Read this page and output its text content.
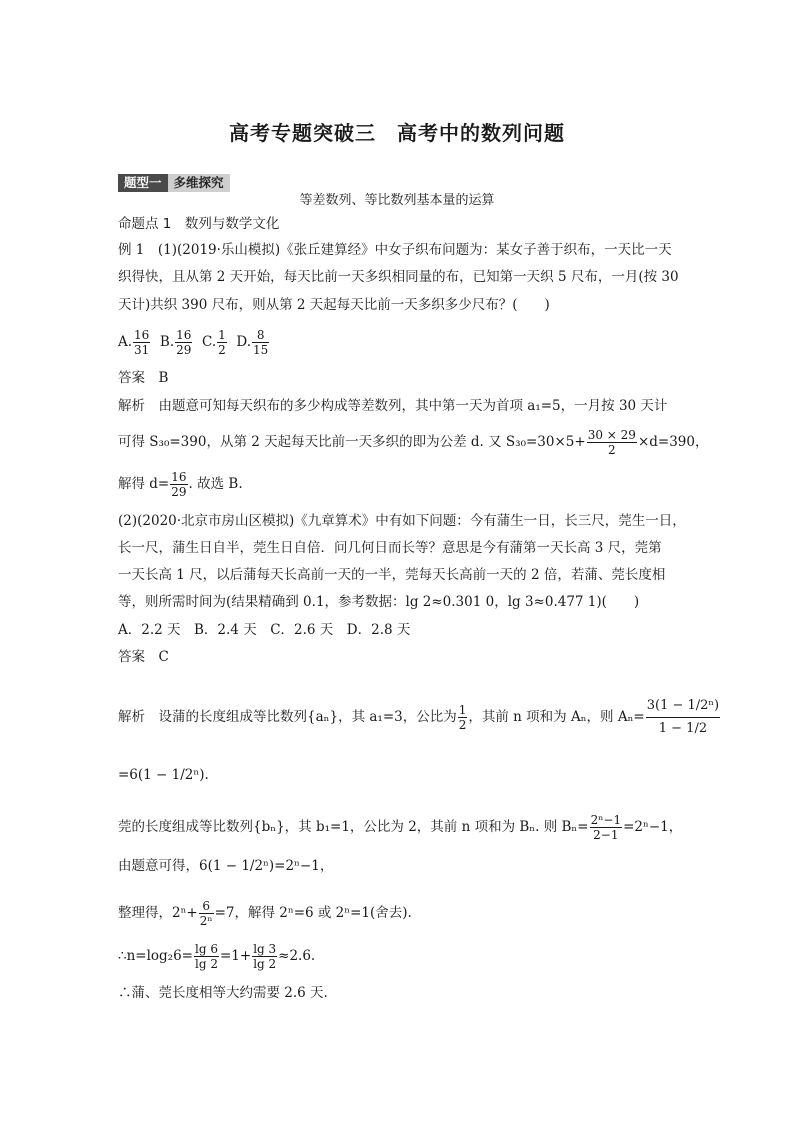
高考专题突破三　高考中的数列问题
题型一 多维探究
等差数列、等比数列基本量的运算
命题点 1　数列与数学文化
例 1　(1)(2019·乐山模拟)《张丘建算经》中女子织布问题为：某女子善于织布，一天比一天
织得快，且从第 2 天开始，每天比前一天多织相同量的布，已知第一天织 5 尺布，一月(按 30
天计)共织 390 尺布，则从第 2 天起每天比前一天多织多少尺布？(　　)
A. $\frac{16}{31} B$. $\frac{16}{29} C$. $\frac{1}{2} D$. $\frac{8}{15}$
答案　B
解析　由题意可知每天织布的多少构成等差数列，其中第一天为首项 a₁=5，一月按 30 天计
可得 S₃₀=390，从第 2 天起每天比前一天多织的即为公差 d. 又 $S_{30}=30\times 5+ \frac{30 \times 29}{2} \times d=390$，
解得 $d= \frac{16}{29}$ . 故选 B.
(2)(2020·北京市房山区模拟)《九章算术》中有如下问题：今有蒲生一日，长三尺，莞生一日，
长一尺，蒲生日自半，莞生日自倍．问几何日而长等？意思是今有蒲第一天长高 3 尺，莞第
一天长高 1 尺，以后蒲每天长高前一天的一半，莞每天长高前一天的 2 倍，若蒲、莞长度相
等，则所需时间为(结果精确到 0.1，参考数据：lg 2≈0.301 0，lg 3≈0.477 1)(　　)
A．2.2 天　B．2.4 天　C．2.6 天　D．2.8 天
答案　C
解析　设蒲的长度组成等比数列{aₙ}，其 a₁=3，公比为 $\frac{1}{2}$ ，其前 n 项和为 Aₙ，则 $A_n= \frac{\text{3(1 − 1/2ⁿ)}}{1 - 1/2}$
=6(1 − 1/2ⁿ).
莞的长度组成等比数列{bₙ}，其 b₁=1，公比为 2，其前 n 项和为 Bₙ. 则 $B_n= \frac{\text{2ⁿ−1}}{2-1} =2^n-1$，
由题意可得，6(1 − 1/2ⁿ)=2ⁿ−1，
整理得，$2^n+ \frac{6}{\text{2ⁿ}} =7$，解得 2ⁿ=6 或 2ⁿ=1(舍去).
∴n=log₂6= $\frac{\lg 6}{\lg 2} =1+ \frac{\lg 3}{\lg 2} \approx 2.6$.
∴蒲、莞长度相等大约需要 2.6 天.
